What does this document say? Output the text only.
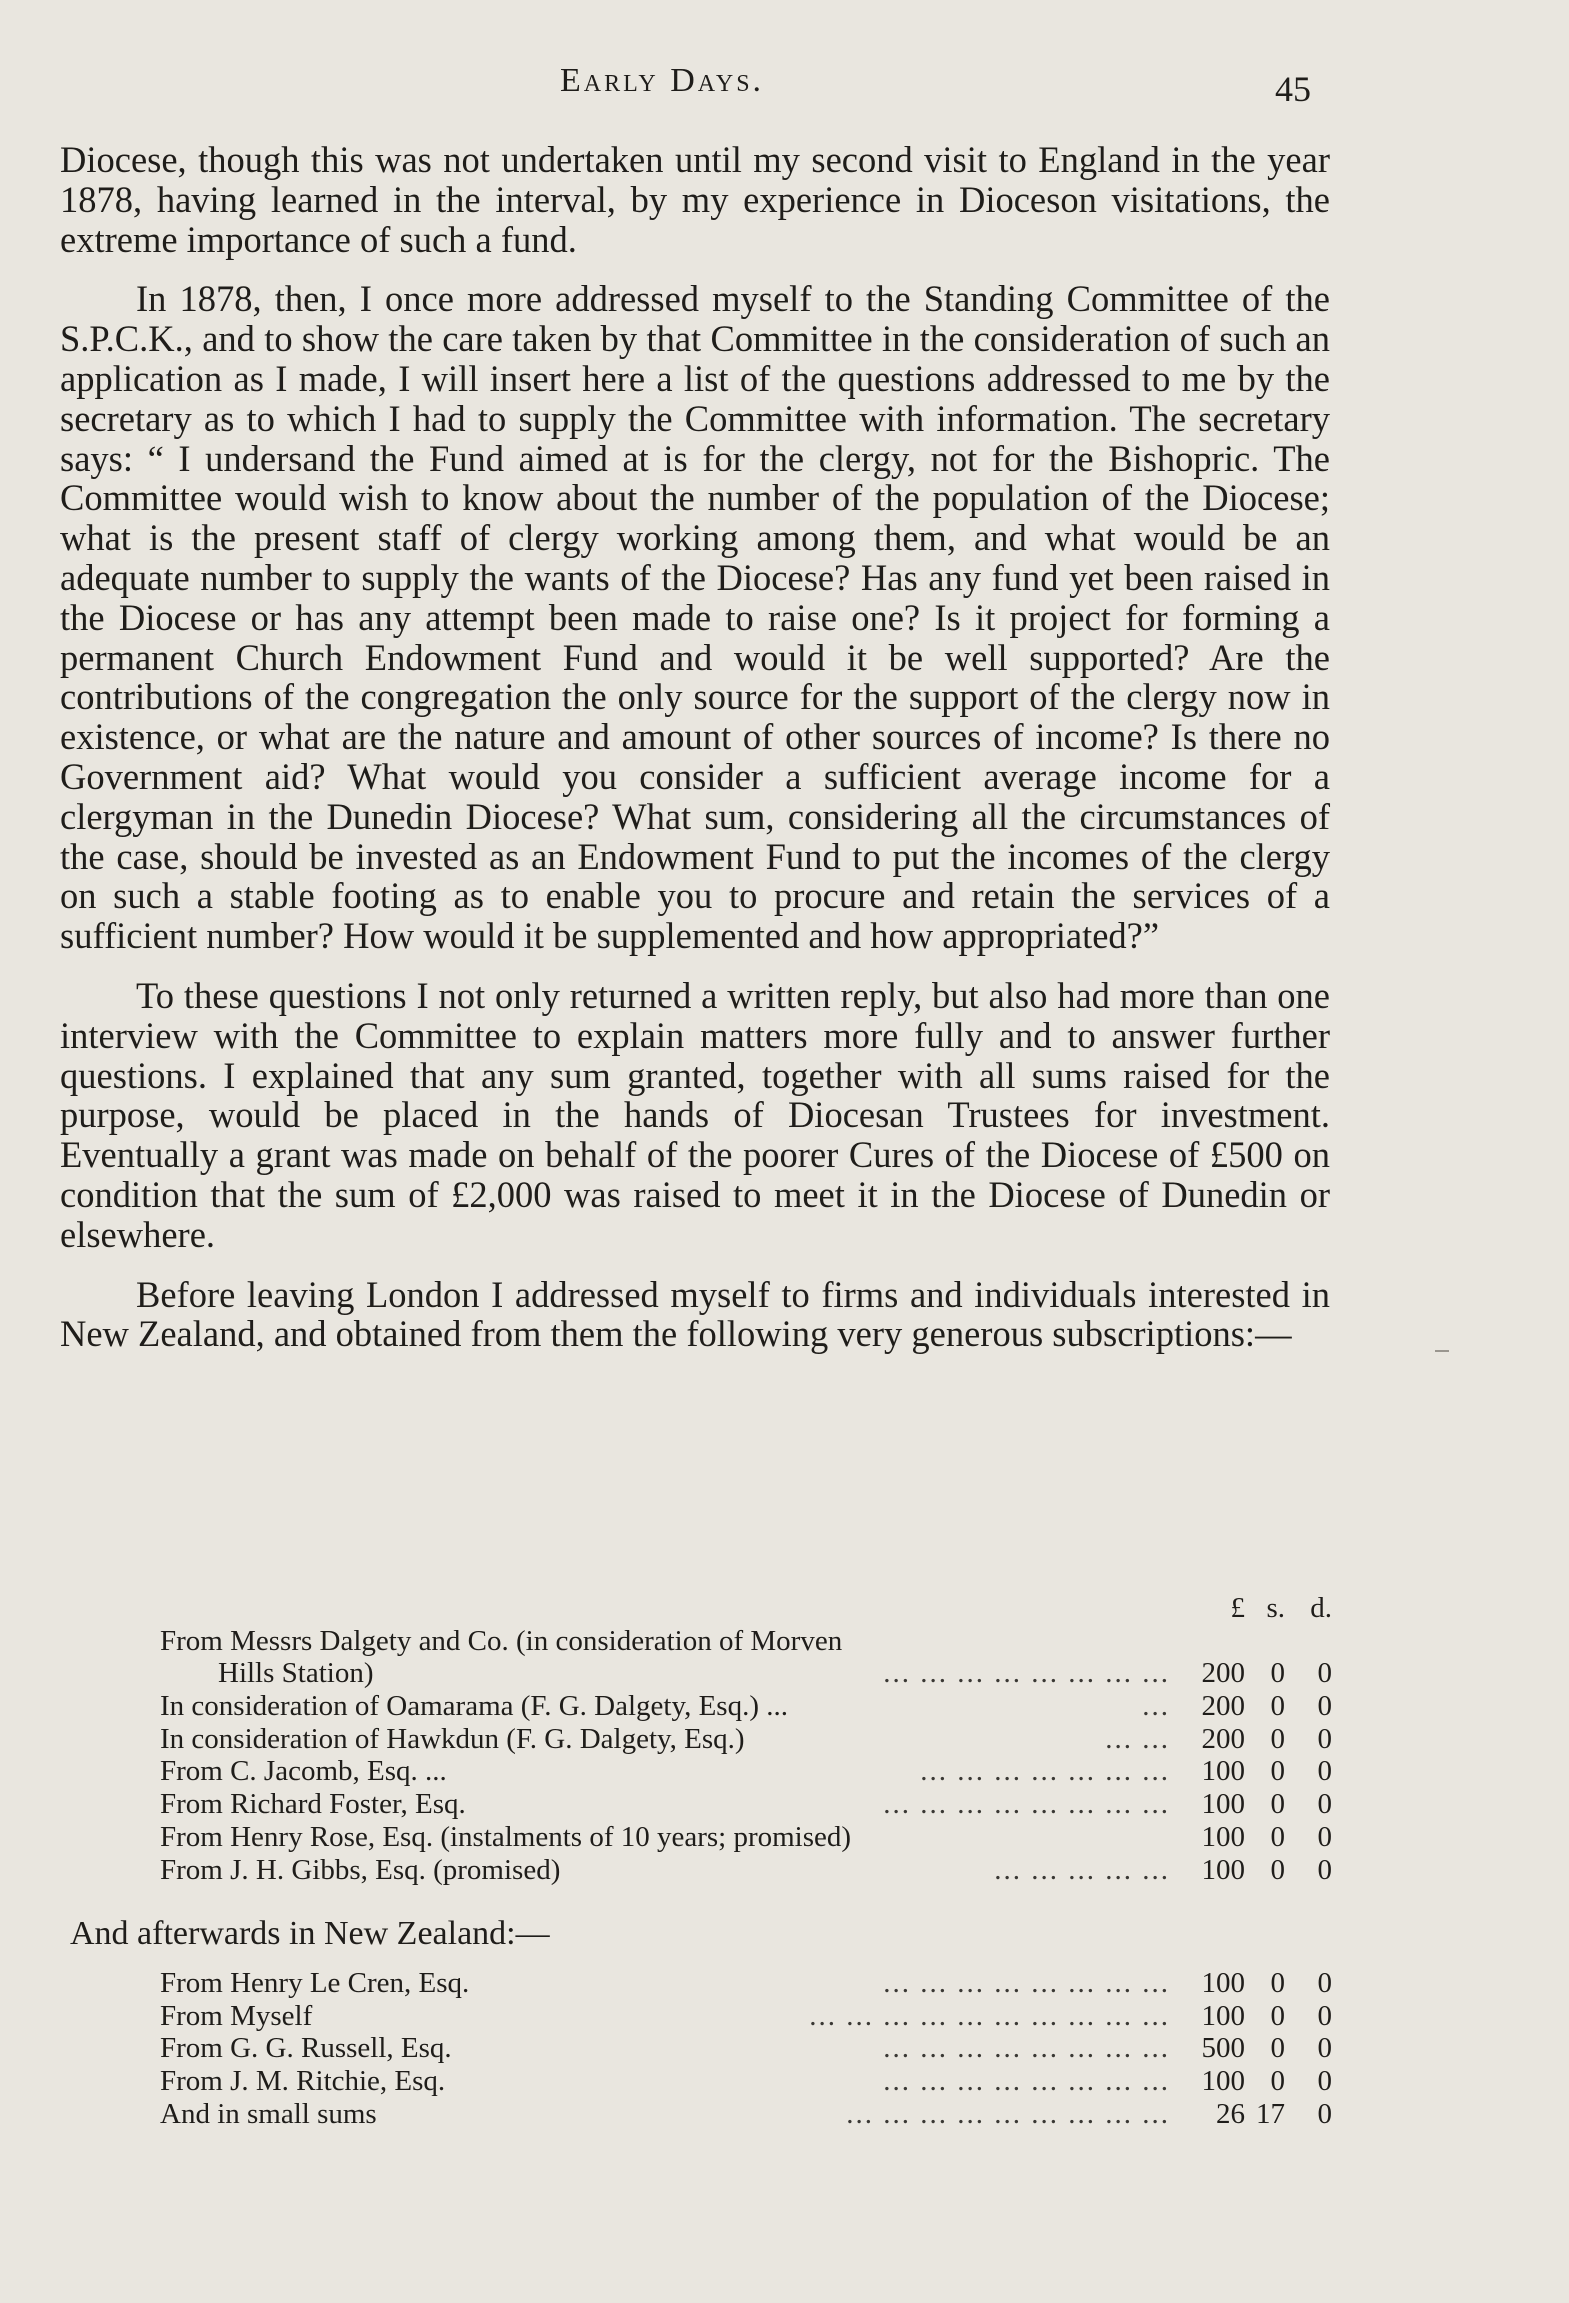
Early Days.	45

Diocese, though this was not undertaken until my second visit to England in the year 1878, having learned in the interval, by my experience in Dioceson visitations, the extreme importance of such a fund.

In 1878, then, I once more addressed myself to the Standing Committee of the S.P.C.K., and to show the care taken by that Committee in the consideration of such an application as I made, I will insert here a list of the questions addressed to me by the secretary as to which I had to supply the Committee with information. The secretary says: “ I undersand the Fund aimed at is for the clergy, not for the Bishopric. The Committee would wish to know about the number of the population of the Diocese; what is the present staff of clergy working among them, and what would be an adequate number to supply the wants of the Diocese? Has any fund yet been raised in the Diocese or has any attempt been made to raise one? Is it project for forming a permanent Church Endowment Fund and would it be well supported? Are the contributions of the congregation the only source for the support of the clergy now in existence, or what are the nature and amount of other sources of income? Is there no Government aid? What would you consider a sufficient average income for a clergyman in the Dunedin Diocese? What sum, considering all the circumstances of the case, should be invested as an Endowment Fund to put the incomes of the clergy on such a stable footing as to enable you to procure and retain the services of a sufficient number? How would it be supplemented and how appropriated?”

To these questions I not only returned a written reply, but also had more than one interview with the Committee to explain matters more fully and to answer further questions. I explained that any sum granted, together with all sums raised for the purpose, would be placed in the hands of Diocesan Trustees for investment. Eventually a grant was made on behalf of the poorer Cures of the Diocese of £500 on condition that the sum of £2,000 was raised to meet it in the Diocese of Dunedin or elsewhere.

Before leaving London I addressed myself to firms and individuals interested in New Zealand, and obtained from them the following very generous subscriptions:—

£ s. d.
From Messrs Dalgety and Co. (in consideration of Morven
Hills Station)	... ... ... ... ... ... ... ...	200 0	0
In consideration of Oamarama (F. G. Dalgety, Esq.) ...	...	200 0	0
In consideration of Hawkdun (F. G. Dalgety, Esq.)	... ...	200 0	0
From C. Jacomb, Esq. ...	... ... ... ... ... ... ...	100 0	0
From Richard Foster, Esq.	... ... ... ... ... ... ... ...	100 0	0
From Henry Rose, Esq. (instalments of 10 years; promised)	100 0	0
From J. H. Gibbs, Esq. (promised)	... ... ... ... ...	100 0	0
And afterwards in New Zealand:—
From Henry Le Cren, Esq.	... ... ... ... ... ... ... ...	100 0	0
From Myself	... ... ... ... ... ... ... ... ... ...	100 0	0
From G. G. Russell, Esq.	... ... ... ... ... ... ... ...	500 0	0
From J. M. Ritchie, Esq.	... ... ... ... ... ... ... ...	100 0	0
And in small sums	... ... ... ... ... ... ... ... ...	26 17	0
